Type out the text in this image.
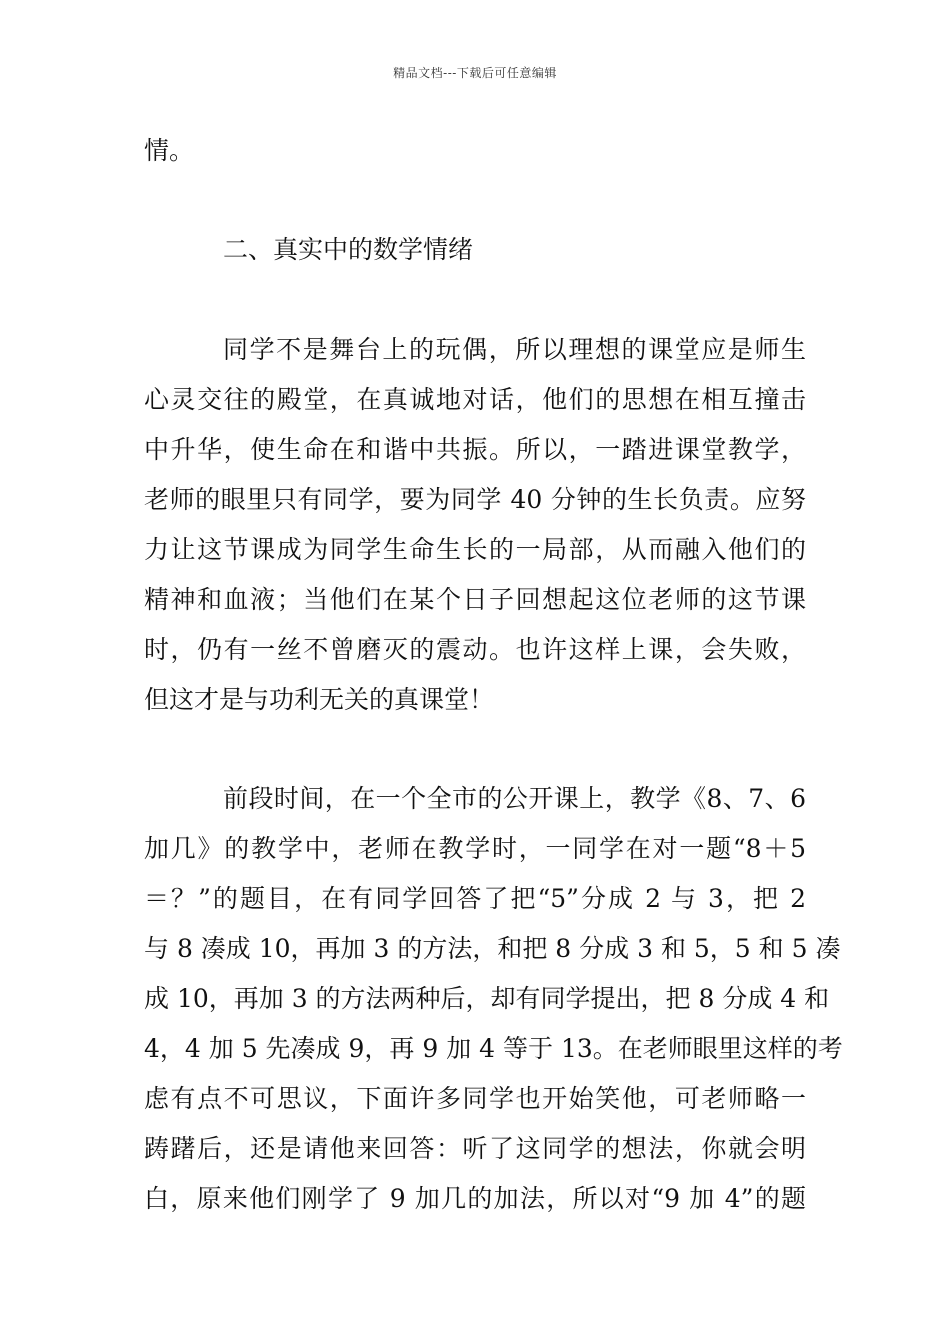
精品文档---下载后可任意编辑
情。
二、真实中的数学情绪
同学不是舞台上的玩偶，所以理想的课堂应是师生
心灵交往的殿堂，在真诚地对话，他们的思想在相互撞击
中升华，使生命在和谐中共振。所以，一踏进课堂教学，
老师的眼里只有同学，要为同学 40 分钟的生长负责。应努
力让这节课成为同学生命生长的一局部，从而融入他们的
精神和血液；当他们在某个日子回想起这位老师的这节课
时，仍有一丝不曾磨灭的震动。也许这样上课，会失败，
但这才是与功利无关的真课堂！
前段时间，在一个全市的公开课上，教学《8、7、6
加几》的教学中，老师在教学时，一同学在对一题“8＋5
＝？”的题目，在有同学回答了把“5”分成 2 与 3，把 2
与 8 凑成 10，再加 3 的方法，和把 8 分成 3 和 5，5 和 5 凑
成 10，再加 3 的方法两种后，却有同学提出，把 8 分成 4 和
4，4 加 5 先凑成 9，再 9 加 4 等于 13。在老师眼里这样的考
虑有点不可思议，下面许多同学也开始笑他，可老师略一
踌躇后，还是请他来回答：听了这同学的想法，你就会明
白，原来他们刚学了 9 加几的加法，所以对“9 加 4”的题
